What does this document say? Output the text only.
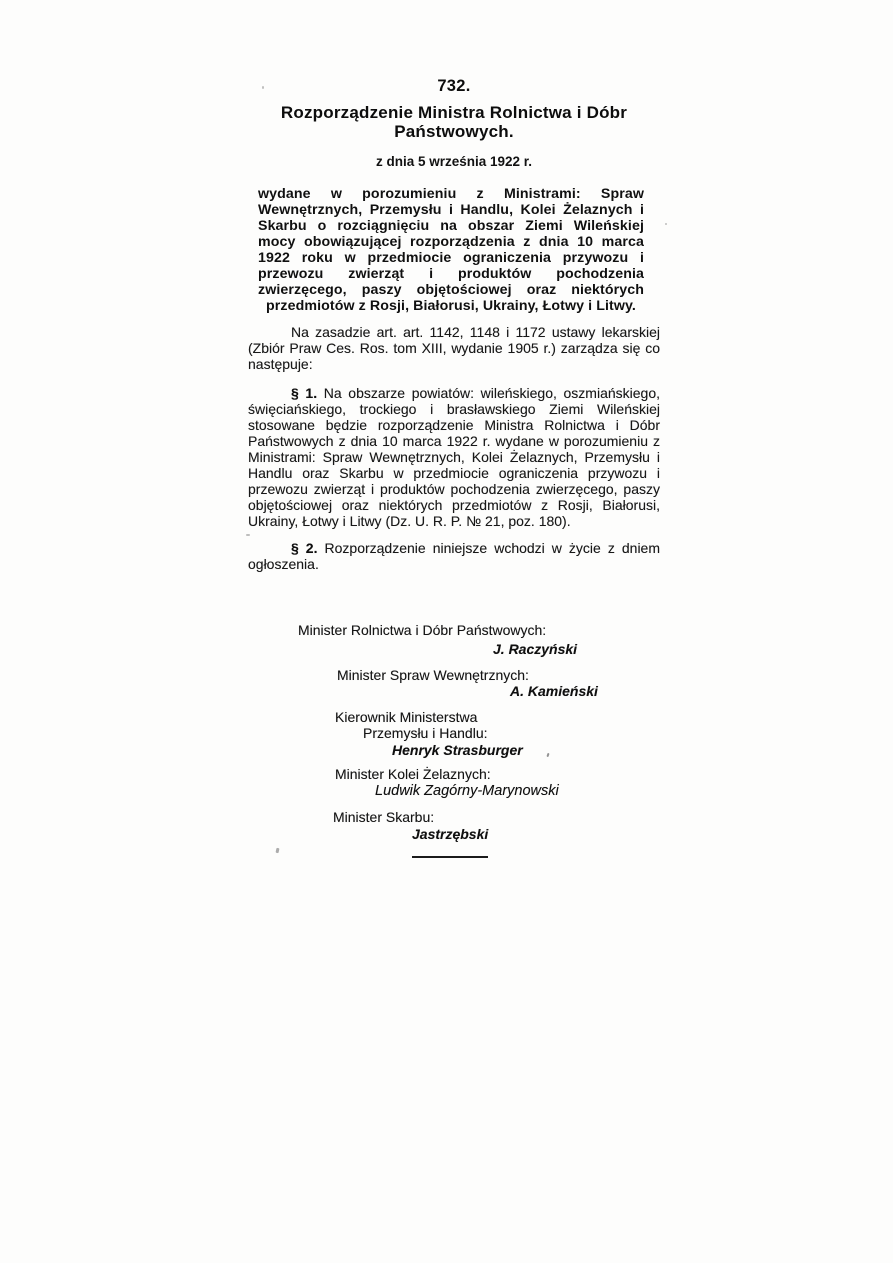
732.
Rozporządzenie Ministra Rolnictwa i Dóbr Państwowych.
z dnia 5 września 1922 r.
wydane w porozumieniu z Ministrami: Spraw Wewnętrznych, Przemysłu i Handlu, Kolei Żelaznych i Skarbu o rozciągnięciu na obszar Ziemi Wileńskiej mocy obowiązującej rozporządzenia z dnia 10 marca 1922 roku w przedmiocie ograniczenia przywozu i przewozu zwierząt i produktów pochodzenia zwierzęcego, paszy objętościowej oraz niektórych przedmiotów z Rosji, Białorusi, Ukrainy, Łotwy i Litwy.
Na zasadzie art. art. 1142, 1148 i 1172 ustawy lekarskiej (Zbiór Praw Ces. Ros. tom XIII, wydanie 1905 r.) zarządza się co następuje:
§ 1. Na obszarze powiatów: wileńskiego, oszmiańskiego, święciańskiego, trockiego i brasławskiego Ziemi Wileńskiej stosowane będzie rozporządzenie Ministra Rolnictwa i Dóbr Państwowych z dnia 10 marca 1922 r. wydane w porozumieniu z Ministrami: Spraw Wewnętrznych, Kolei Żelaznych, Przemysłu i Handlu oraz Skarbu w przedmiocie ograniczenia przywozu i przewozu zwierząt i produktów pochodzenia zwierzęcego, paszy objętościowej oraz niektórych przedmiotów z Rosji, Białorusi, Ukrainy, Łotwy i Litwy (Dz. U. R. P. № 21, poz. 180).
§ 2. Rozporządzenie niniejsze wchodzi w życie z dniem ogłoszenia.
Minister Rolnictwa i Dóbr Państwowych:
J. Raczyński
Minister Spraw Wewnętrznych:
A. Kamieński
Kierownik Ministerstwa
Przemysłu i Handlu:
Henryk Strasburger
Minister Kolei Żelaznych:
Ludwik Zagórny-Marynowski
Minister Skarbu:
Jastrzębski
